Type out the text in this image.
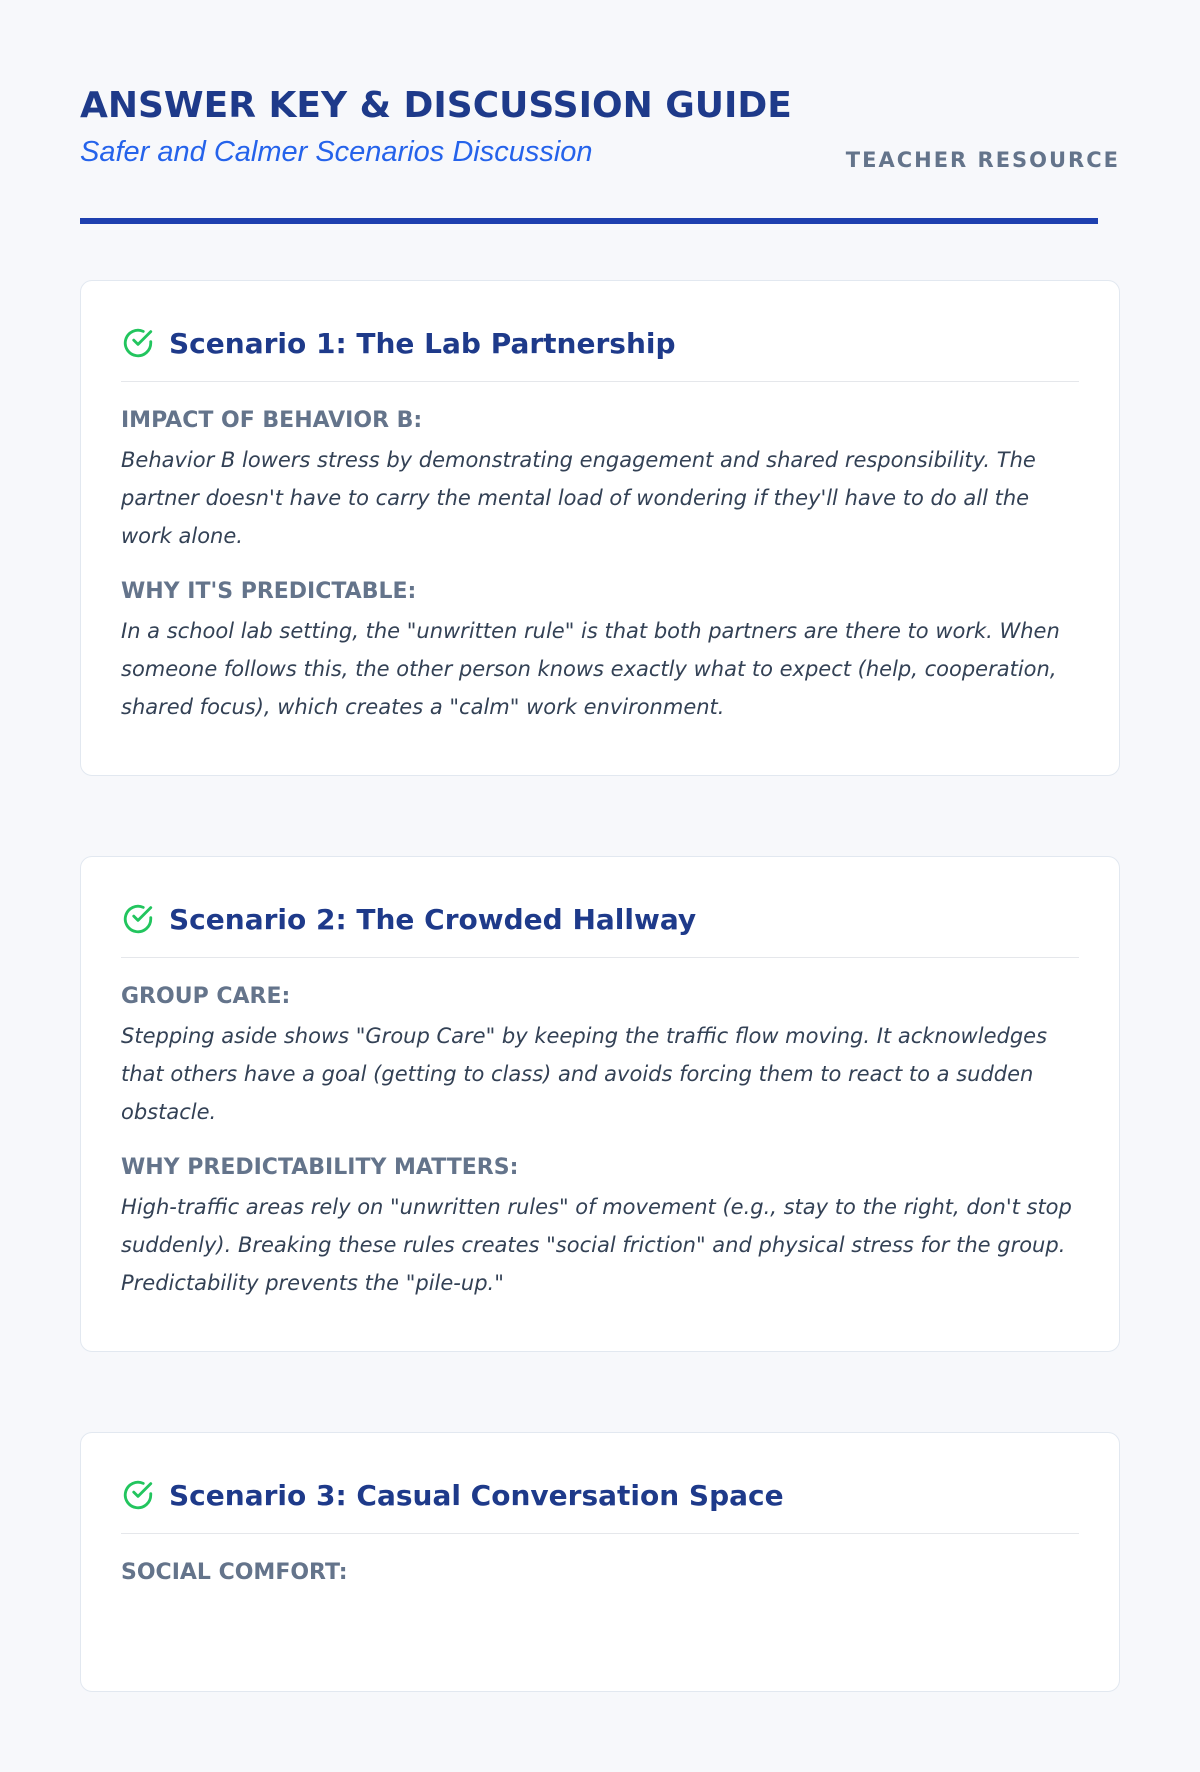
ANSWER KEY & DISCUSSION GUIDE
Safer and Calmer Scenarios Discussion	TEACHER RESOURCE
Scenario 1: The Lab Partnership
IMPACT OF BEHAVIOR B:

Behavior B lowers stress by demonstrating engagement and shared responsibility. The partner doesn't have to carry the mental load of wondering if they'll have to do all the work alone.

WHY IT'S PREDICTABLE:

In a school lab setting, the "unwritten rule" is that both partners are there to work. When someone follows this, the other person knows exactly what to expect (help, cooperation, shared focus), which creates a "calm" work environment.

Scenario 2: The Crowded Hallway
GROUP CARE:

Stepping aside shows "Group Care" by keeping the traffic flow moving. It acknowledges that others have a goal (getting to class) and avoids forcing them to react to a sudden obstacle.

WHY PREDICTABILITY MATTERS:

High-traffic areas rely on "unwritten rules" of movement (e.g., stay to the right, don't stop suddenly). Breaking these rules creates "social friction" and physical stress for the group. Predictability prevents the "pile-up."

Scenario 3: Casual Conversation Space
SOCIAL COMFORT:
